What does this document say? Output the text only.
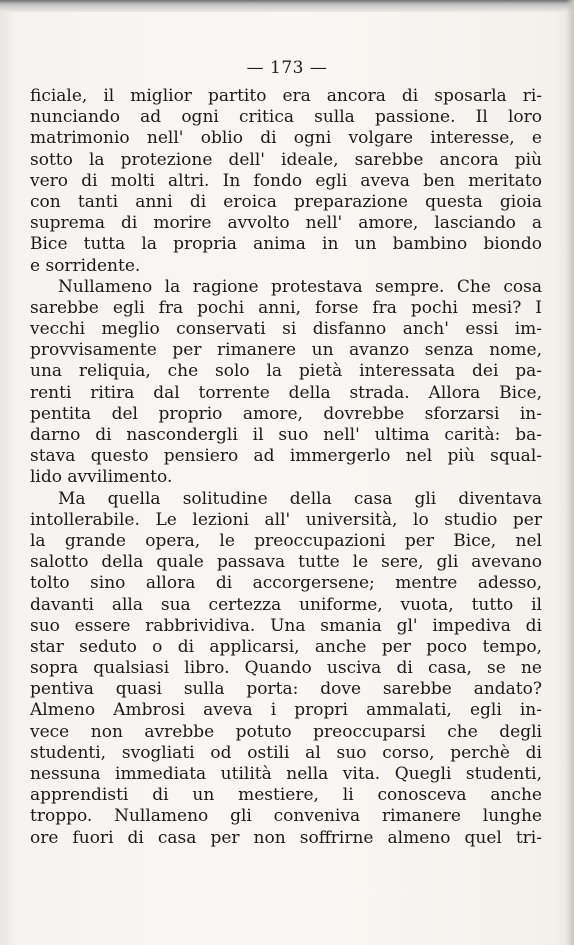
— 173 —
ficiale, il miglior partito era ancora di sposarla ri-
nunciando ad ogni critica sulla passione. Il loro
matrimonio nell' oblio di ogni volgare interesse, e
sotto la protezione dell' ideale, sarebbe ancora più
vero di molti altri. In fondo egli aveva ben meritato
con tanti anni di eroica preparazione questa gioia
suprema di morire avvolto nell' amore, lasciando a
Bice tutta la propria anima in un bambino biondo
e sorridente.
Nullameno la ragione protestava sempre. Che cosa
sarebbe egli fra pochi anni, forse fra pochi mesi? I
vecchi meglio conservati si disfanno anch' essi im-
provvisamente per rimanere un avanzo senza nome,
una reliquia, che solo la pietà interessata dei pa-
renti ritira dal torrente della strada. Allora Bice,
pentita del proprio amore, dovrebbe sforzarsi in-
darno di nascondergli il suo nell' ultima carità: ba-
stava questo pensiero ad immergerlo nel più squal-
lido avvilimento.
Ma quella solitudine della casa gli diventava
intollerabile. Le lezioni all' università, lo studio per
la grande opera, le preoccupazioni per Bice, nel
salotto della quale passava tutte le sere, gli avevano
tolto sino allora di accorgersene; mentre adesso,
davanti alla sua certezza uniforme, vuota, tutto il
suo essere rabbrividiva. Una smania gl' impediva di
star seduto o di applicarsi, anche per poco tempo,
sopra qualsiasi libro. Quando usciva di casa, se ne
pentiva quasi sulla porta: dove sarebbe andato?
Almeno Ambrosi aveva i propri ammalati, egli in-
vece non avrebbe potuto preoccuparsi che degli
studenti, svogliati od ostili al suo corso, perchè di
nessuna immediata utilità nella vita. Quegli studenti,
apprendisti di un mestiere, li conosceva anche
troppo. Nullameno gli conveniva rimanere lunghe
ore fuori di casa per non soffrirne almeno quel tri-
